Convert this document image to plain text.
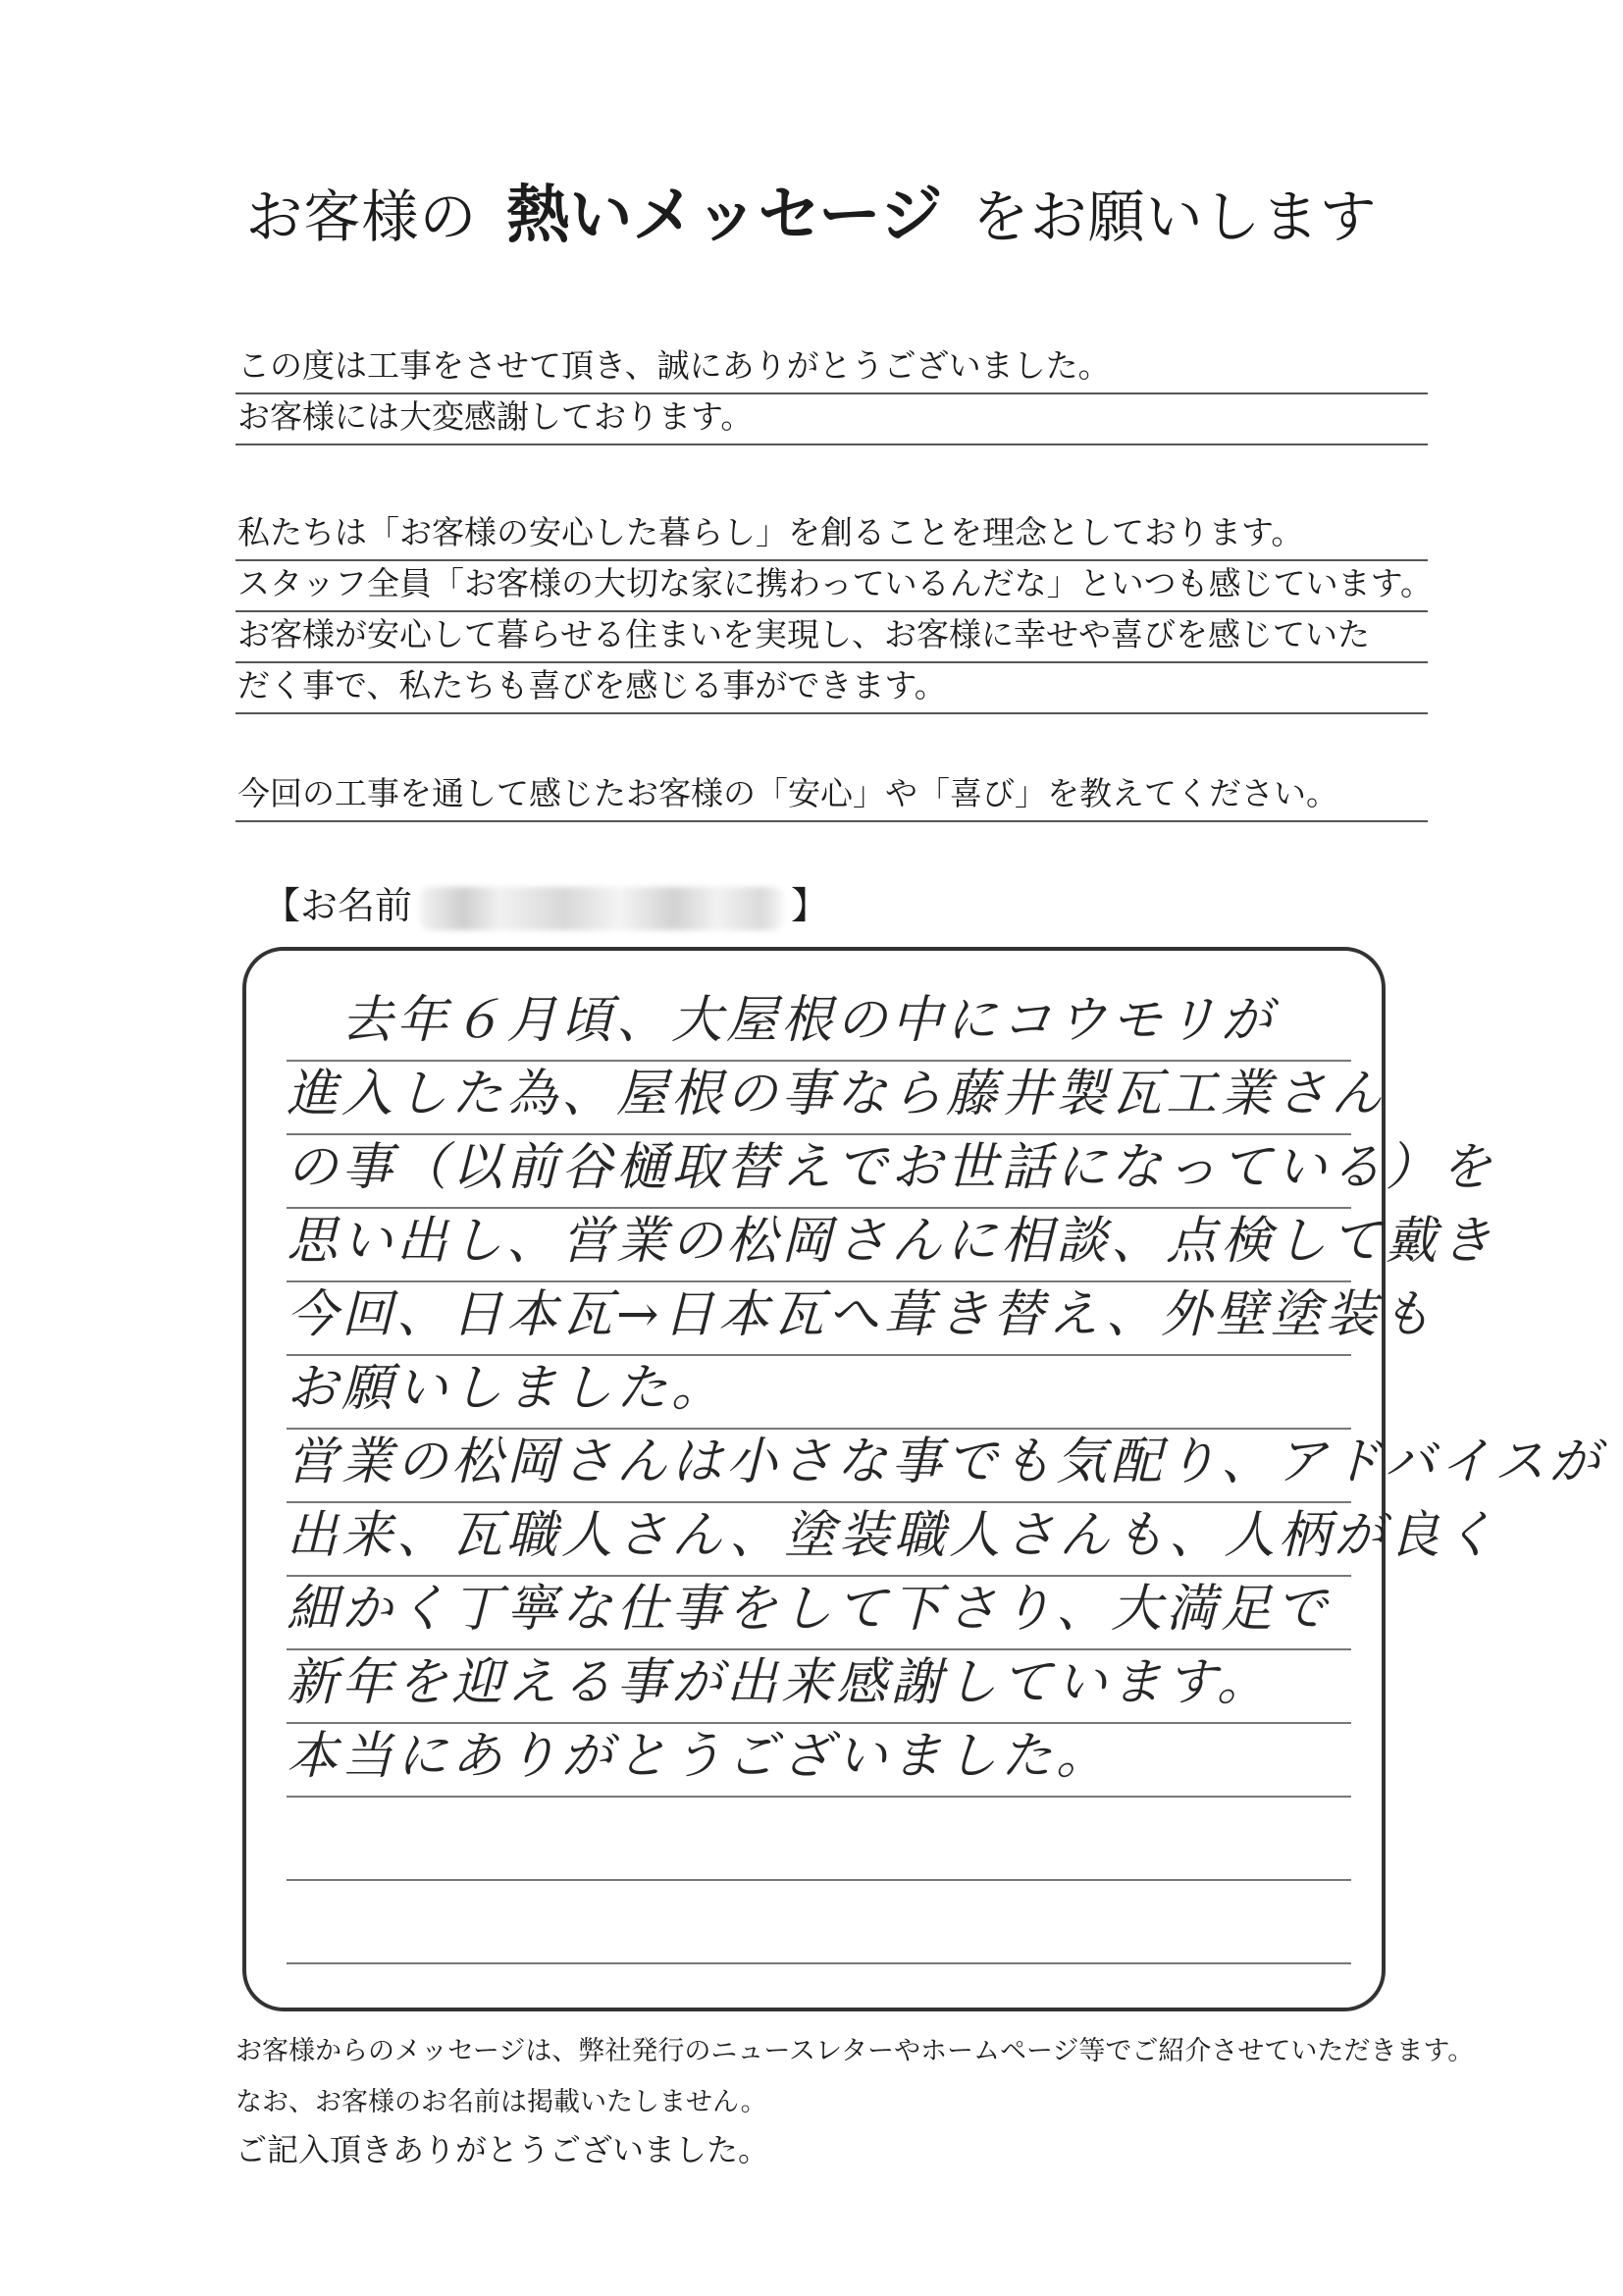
お客様の 熱いメッセージ をお願いします
この度は工事をさせて頂き、誠にありがとうございました。
お客様には大変感謝しております。
私たちは「お客様の安心した暮らし」を創ることを理念としております。
スタッフ全員「お客様の大切な家に携わっているんだな」といつも感じています。
お客様が安心して暮らせる住まいを実現し、お客様に幸せや喜びを感じていた
だく事で、私たちも喜びを感じる事ができます。
今回の工事を通して感じたお客様の「安心」や「喜び」を教えてください。
【お名前	】
　去年６月頃、大屋根の中にコウモリが
進入した為、屋根の事なら藤井製瓦工業さん
の事（以前谷樋取替えでお世話になっている）を
思い出し、営業の松岡さんに相談、点検して戴き
今回、日本瓦→日本瓦へ葺き替え、外壁塗装も
お願いしました。
営業の松岡さんは小さな事でも気配り、アドバイスが
出来、瓦職人さん、塗装職人さんも、人柄が良く
細かく丁寧な仕事をして下さり、大満足で
新年を迎える事が出来感謝しています。
本当にありがとうございました。
お客様からのメッセージは、弊社発行のニュースレターやホームページ等でご紹介させていただきます。
なお、お客様のお名前は掲載いたしません。
ご記入頂きありがとうございました。
